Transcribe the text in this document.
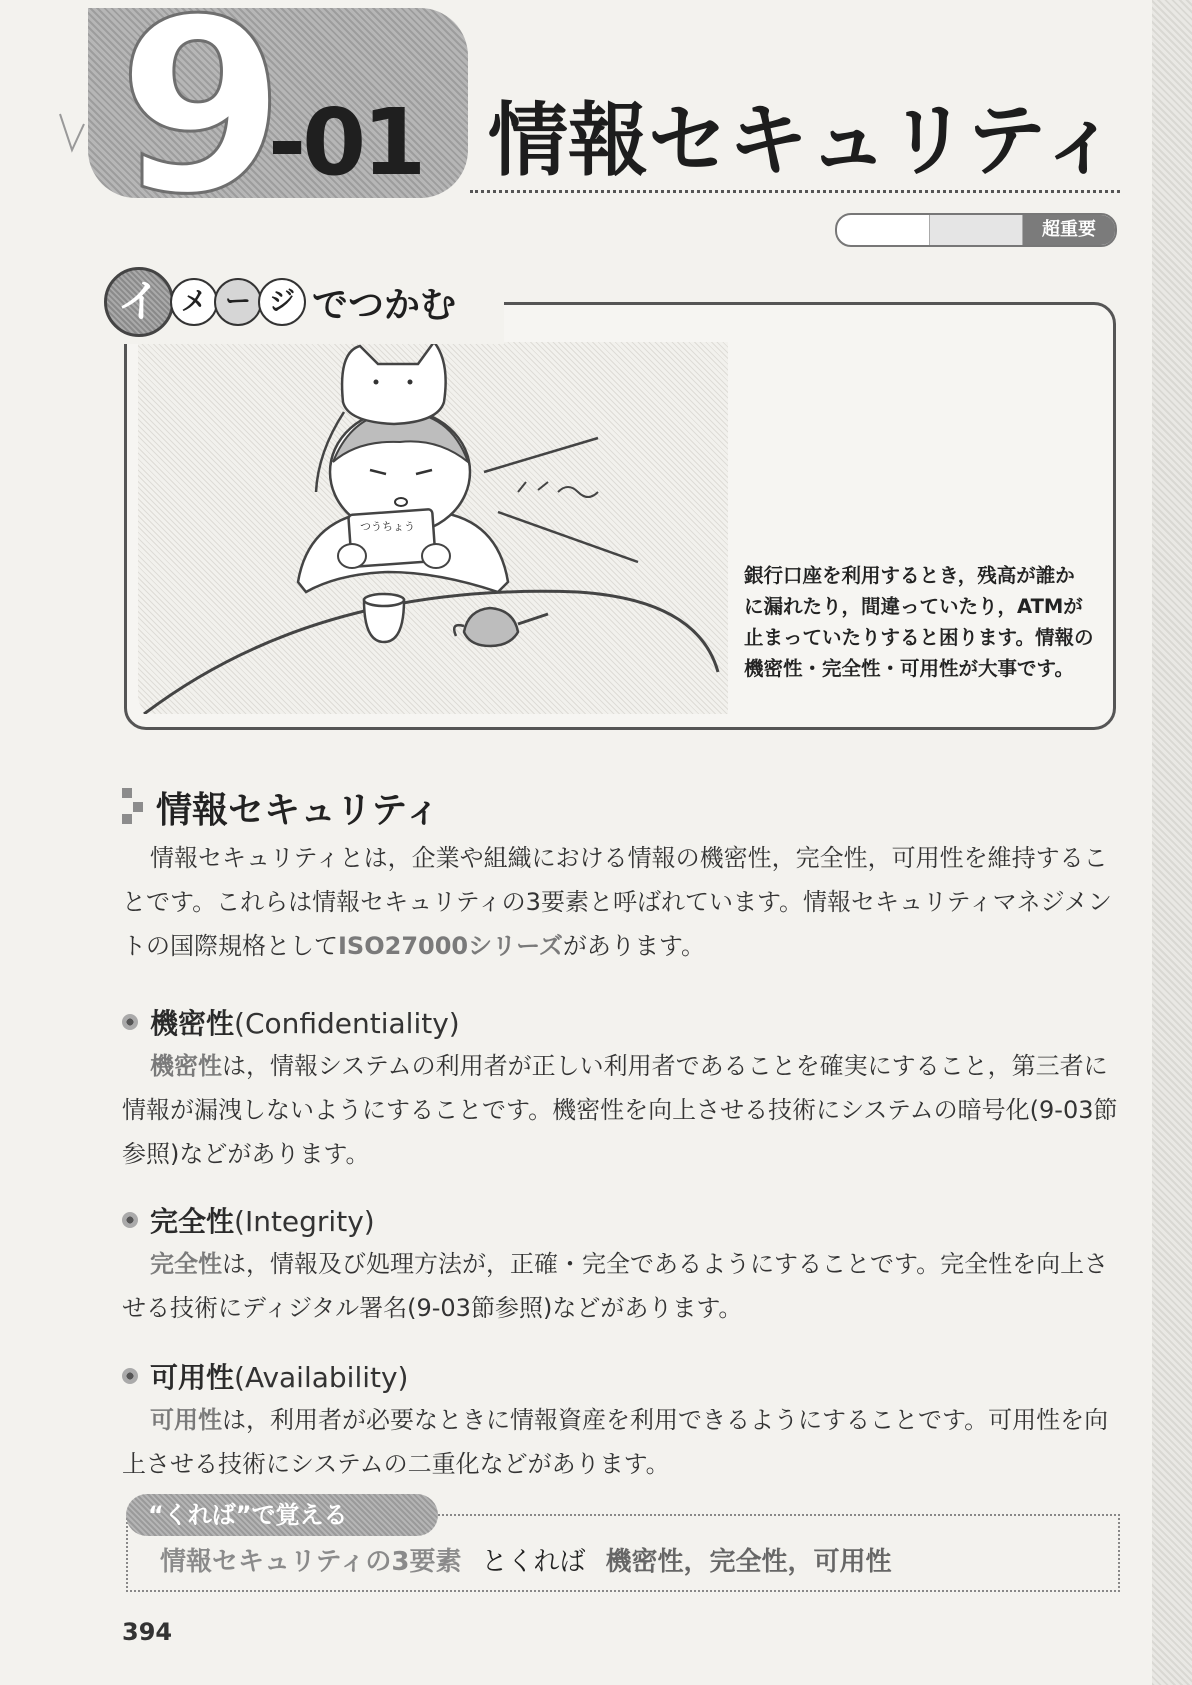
9
-01 情報セキュリティ
超重要
つうちょう
イ メ ー ジ でつかむ
銀行口座を利用するとき，残高が誰かに漏れたり，間違っていたり，ATMが止まっていたりすると困ります。情報の機密性・完全性・可用性が大事です。
情報セキュリティ
情報セキュリティとは，企業や組織における情報の機密性，完全性，可用性を維持することです。これらは情報セキュリティの3要素と呼ばれています。情報セキュリティマネジメントの国際規格としてISO27000シリーズがあります。
機密性(Confidentiality)
機密性は，情報システムの利用者が正しい利用者であることを確実にすること，第三者に情報が漏洩しないようにすることです。機密性を向上させる技術にシステムの暗号化(9-03節参照)などがあります。
完全性(Integrity)
完全性は，情報及び処理方法が，正確・完全であるようにすることです。完全性を向上させる技術にディジタル署名(9-03節参照)などがあります。
可用性(Availability)
可用性は，利用者が必要なときに情報資産を利用できるようにすることです。可用性を向上させる技術にシステムの二重化などがあります。
“くれば”で覚える
情報セキュリティの3要素 とくれば 機密性，完全性，可用性
394
